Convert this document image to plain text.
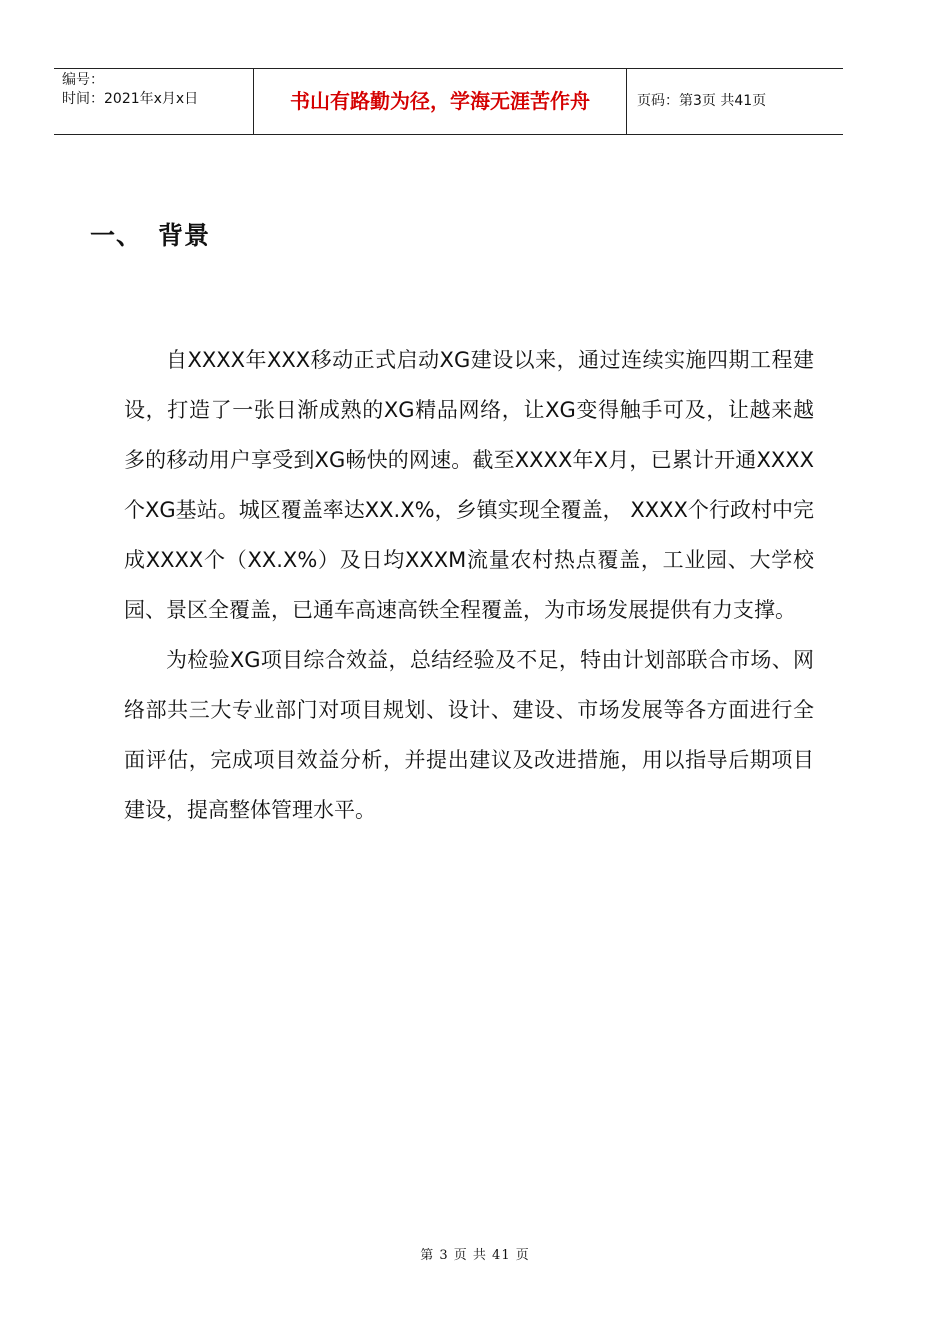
编号：
时间：2021年x月x日	书山有路勤为径，学海无涯苦作舟	页码：第3页 共41页
一、 背景

自XXXX年XXX移动正式启动XG建设以来，通过连续实施四期工程建设，打造了一张日渐成熟的XG精品网络，让XG变得触手可及，让越来越多的移动用户享受到XG畅快的网速。截至XXXX年X月，已累计开通XXXX个XG基站。城区覆盖率达XX.X%，乡镇实现全覆盖， XXXX个行政村中完成XXXX个（XX.X%）及日均XXXM流量农村热点覆盖，工业园、大学校园、景区全覆盖，已通车高速高铁全程覆盖，为市场发展提供有力支撑。

为检验XG项目综合效益，总结经验及不足，特由计划部联合市场、网络部共三大专业部门对项目规划、设计、建设、市场发展等各方面进行全面评估，完成项目效益分析，并提出建议及改进措施，用以指导后期项目建设，提高整体管理水平。

第 3 页 共 41 页
